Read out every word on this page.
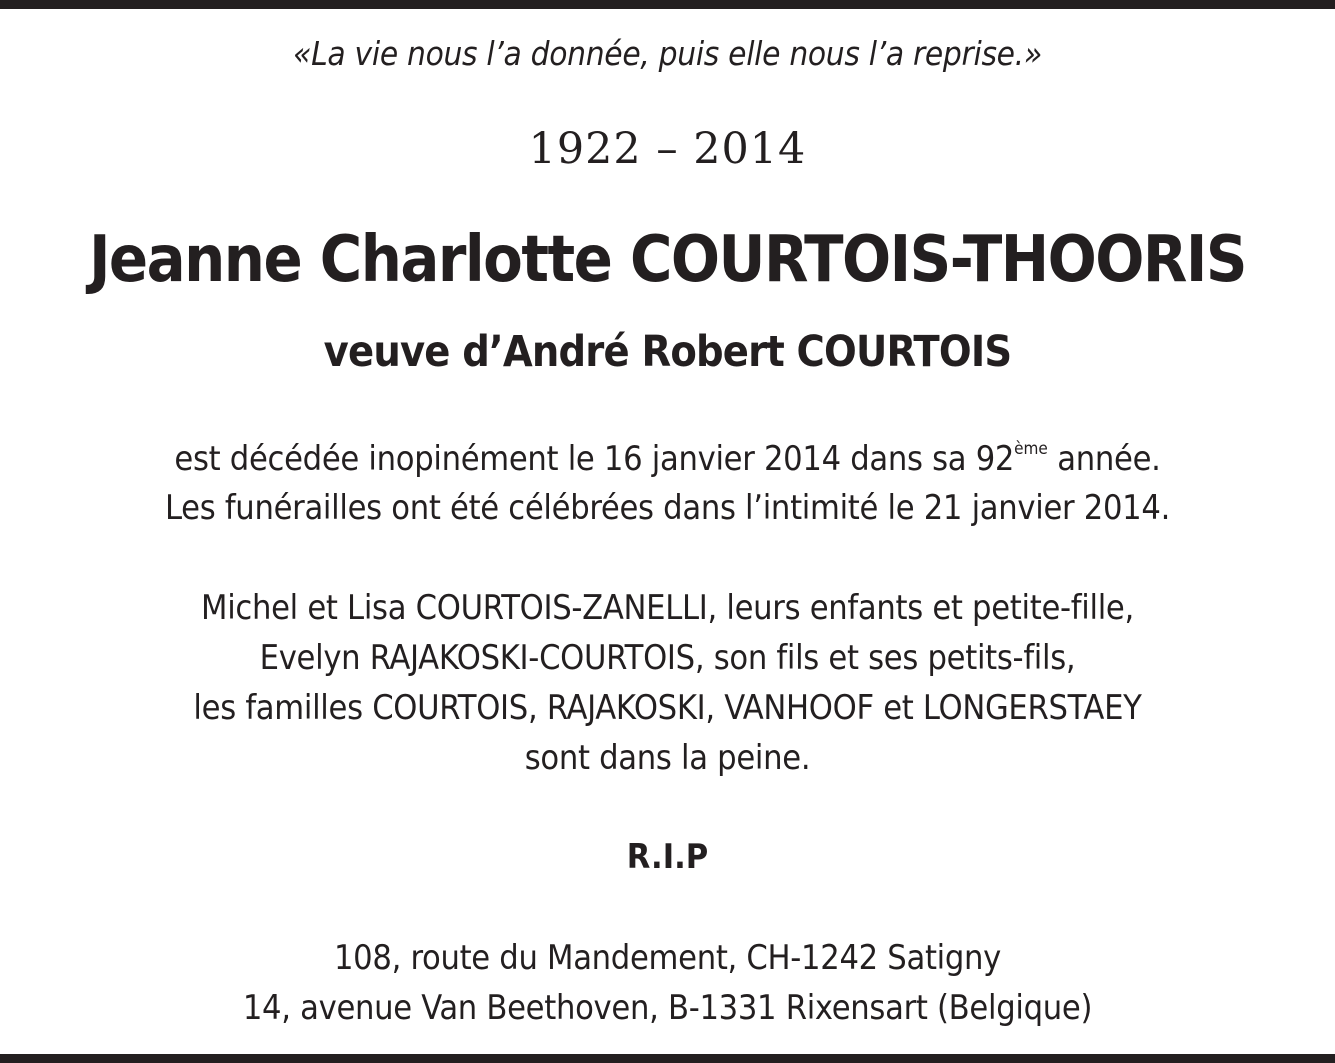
«La vie nous l’a donnée, puis elle nous l’a reprise.»
1922 – 2014
Jeanne Charlotte COURTOIS-THOORIS
veuve d’André Robert COURTOIS
est décédée inopinément le 16 janvier 2014 dans sa 92ème année.
Les funérailles ont été célébrées dans l’intimité le 21 janvier 2014.
Michel et Lisa COURTOIS-ZANELLI, leurs enfants et petite-fille,
Evelyn RAJAKOSKI-COURTOIS, son fils et ses petits-fils,
les familles COURTOIS, RAJAKOSKI, VANHOOF et LONGERSTAEY
sont dans la peine.
R.I.P
108, route du Mandement, CH-1242 Satigny
14, avenue Van Beethoven, B-1331 Rixensart (Belgique)
